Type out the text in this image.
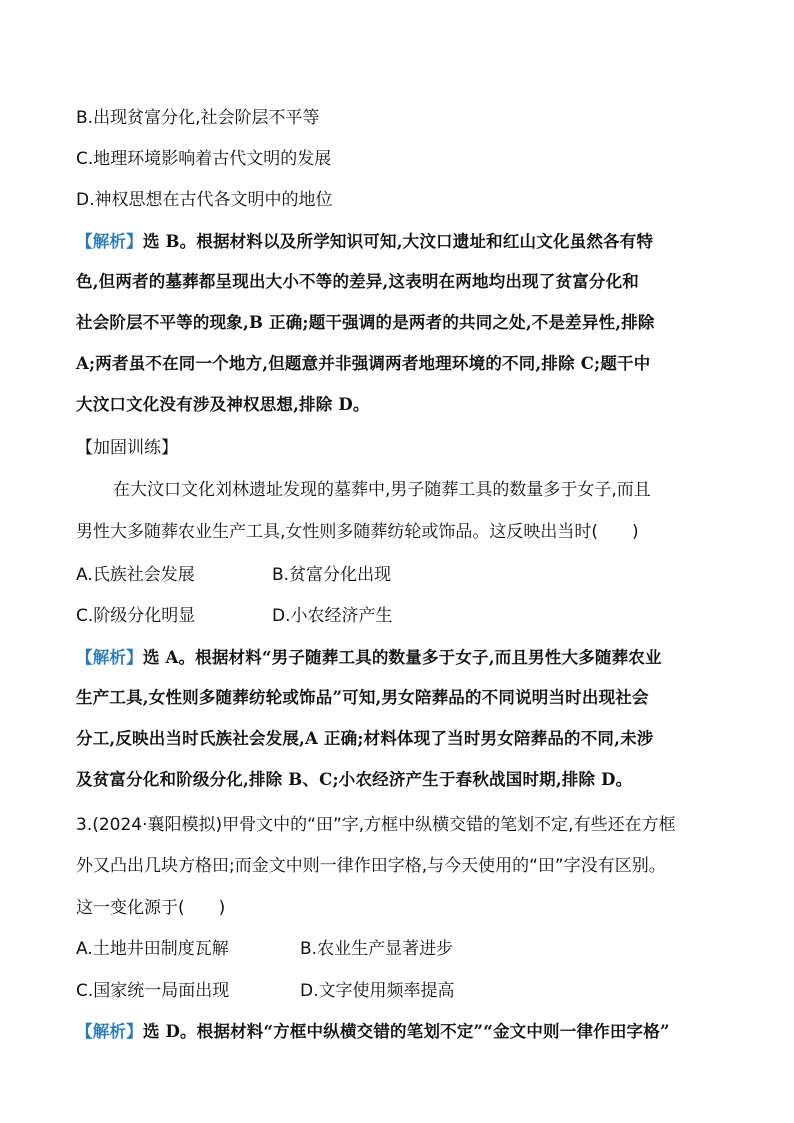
B.出现贫富分化,社会阶层不平等
C.地理环境影响着古代文明的发展
D.神权思想在古代各文明中的地位
【解析】选 B。根据材料以及所学知识可知,大汶口遗址和红山文化虽然各有特
色,但两者的墓葬都呈现出大小不等的差异,这表明在两地均出现了贫富分化和
社会阶层不平等的现象,B 正确;题干强调的是两者的共同之处,不是差异性,排除
A;两者虽不在同一个地方,但题意并非强调两者地理环境的不同,排除 C;题干中
大汶口文化没有涉及神权思想,排除 D。
【加固训练】
在大汶口文化刘林遗址发现的墓葬中,男子随葬工具的数量多于女子,而且
男性大多随葬农业生产工具,女性则多随葬纺轮或饰品。这反映出当时(　　)
A.氏族社会发展	B.贫富分化出现
C.阶级分化明显	D.小农经济产生
【解析】选 A。根据材料“男子随葬工具的数量多于女子,而且男性大多随葬农业
生产工具,女性则多随葬纺轮或饰品”可知,男女陪葬品的不同说明当时出现社会
分工,反映出当时氏族社会发展,A 正确;材料体现了当时男女陪葬品的不同,未涉
及贫富分化和阶级分化,排除 B、C;小农经济产生于春秋战国时期,排除 D。
3.(2024·襄阳模拟)甲骨文中的“田”字,方框中纵横交错的笔划不定,有些还在方框
外又凸出几块方格田;而金文中则一律作田字格,与今天使用的“田”字没有区别。
这一变化源于(　　)
A.土地井田制度瓦解	B.农业生产显著进步
C.国家统一局面出现	D.文字使用频率提高
【解析】选 D。根据材料“方框中纵横交错的笔划不定”“金文中则一律作田字格”
